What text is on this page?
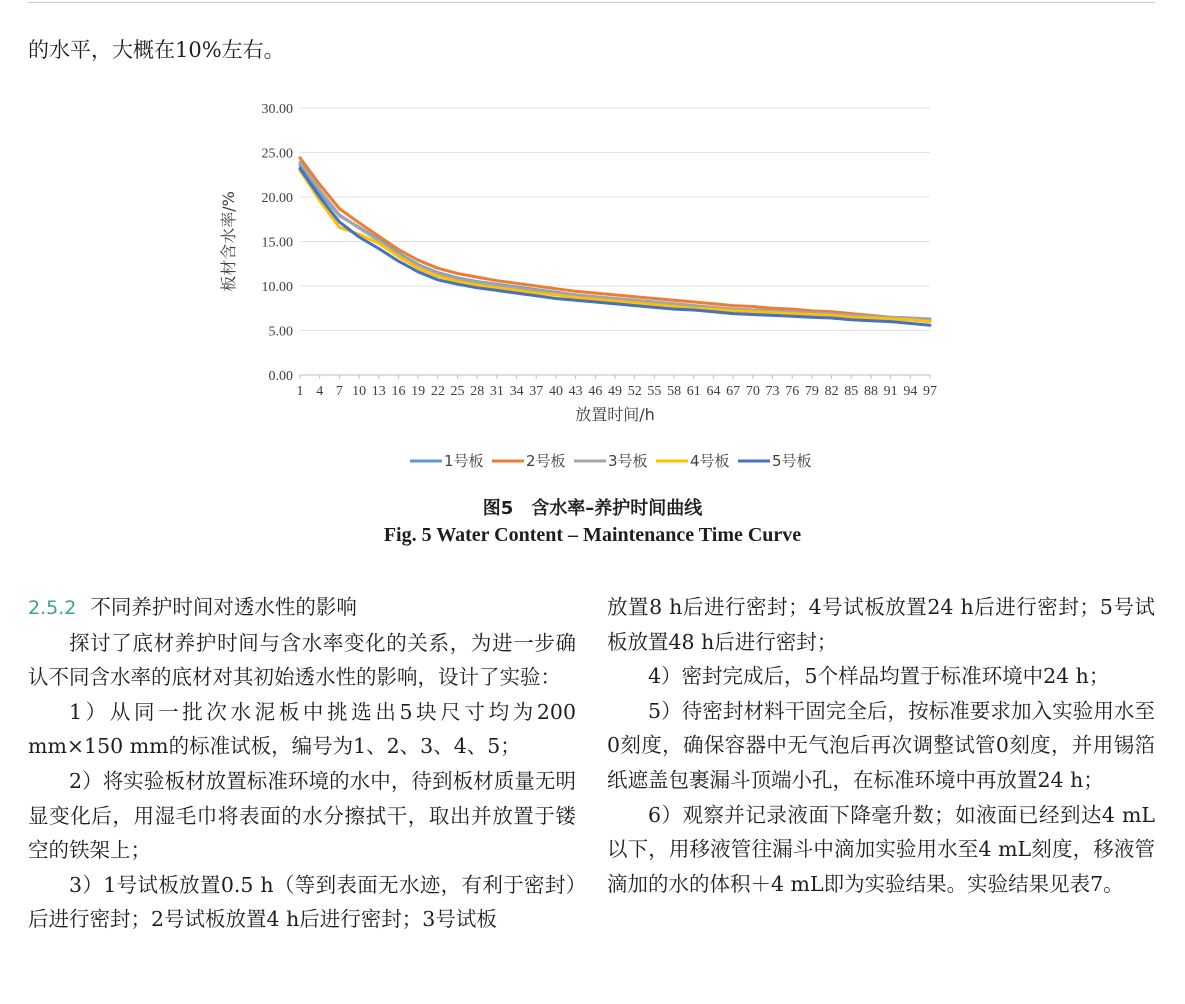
的水平，大概在10%左右。
0.00
5.00
10.00
15.00
20.00
25.00
30.00
1 4 7 10 13 16 19 22 25 28 31 34 37 40 43 46 49 52 55 58 61 64 67 70 73 76 79 82 85 88 91 94 97
放置时间/h
板材含水率/%
1号板	2号板	3号板	4号板	5号板
图5　含水率–养护时间曲线
Fig. 5 Water Content – Maintenance Time Curve

2.5.2 不同养护时间对透水性的影响

探讨了底材养护时间与含水率变化的关系，为进一步确认不同含水率的底材对其初始透水性的影响，设计了实验：

1）从同一批次水泥板中挑选出5块尺寸均为200 mm×150 mm的标准试板，编号为1、2、3、4、5；

2）将实验板材放置标准环境的水中，待到板材质量无明显变化后，用湿毛巾将表面的水分擦拭干，取出并放置于镂空的铁架上；

3）1号试板放置0.5 h（等到表面无水迹，有利于密封）后进行密封；2号试板放置4 h后进行密封；3号试板

放置8 h后进行密封；4号试板放置24 h后进行密封；5号试板放置48 h后进行密封；

4）密封完成后，5个样品均置于标准环境中24 h；

5）待密封材料干固完全后，按标准要求加入实验用水至0刻度，确保容器中无气泡后再次调整试管0刻度，并用锡箔纸遮盖包裹漏斗顶端小孔，在标准环境中再放置24 h；

6）观察并记录液面下降毫升数；如液面已经到达4 mL以下，用移液管往漏斗中滴加实验用水至4 mL刻度，移液管滴加的水的体积＋4 mL即为实验结果。实验结果见表7。
